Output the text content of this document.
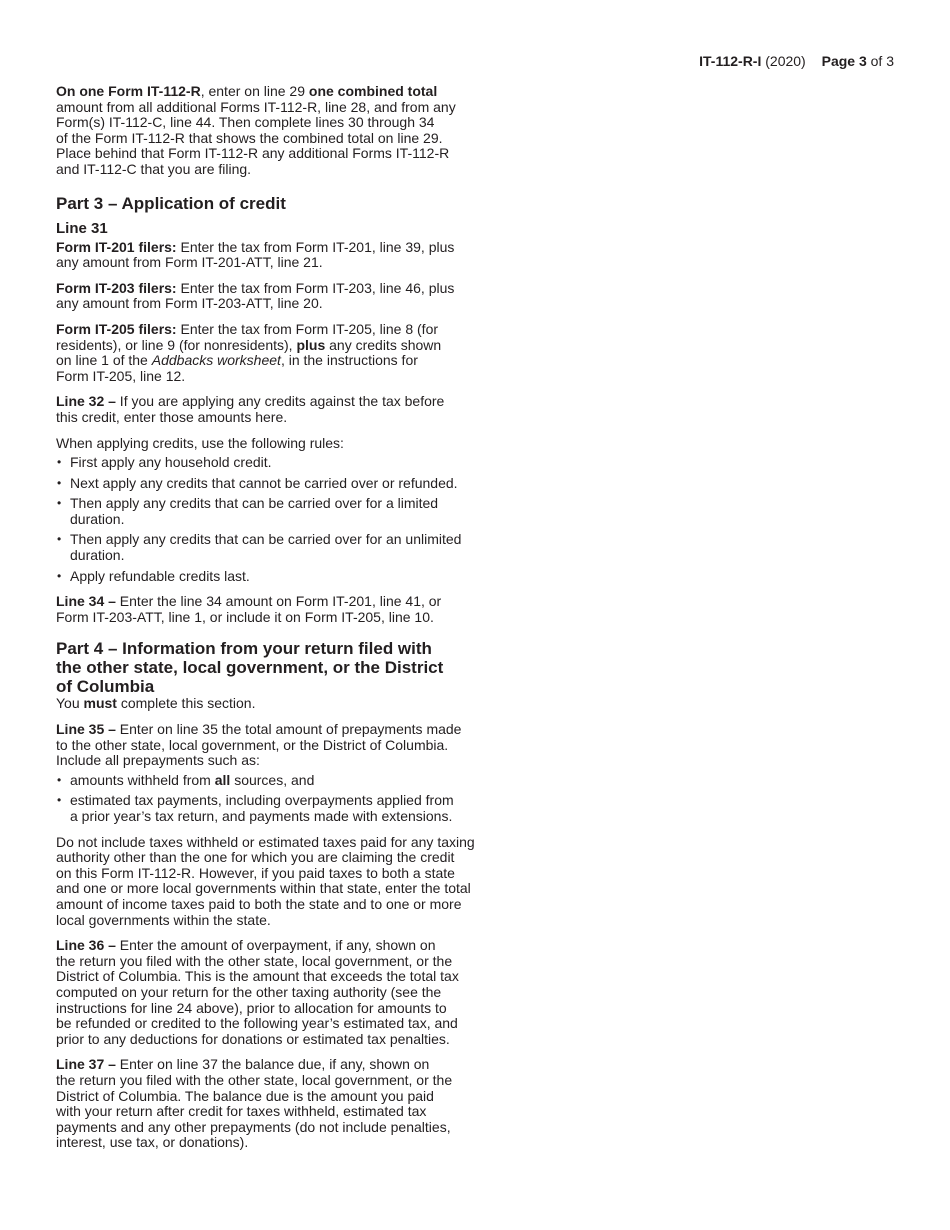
IT-112-R-I (2020) Page 3 of 3
On one Form IT-112-R, enter on line 29 one combined total
amount from all additional Forms IT-112-R, line 28, and from any
Form(s) IT-112-C, line 44. Then complete lines 30 through 34
of the Form IT-112-R that shows the combined total on line 29.
Place behind that Form IT-112-R any additional Forms IT-112-R
and IT-112-C that you are filing.
Part 3 – Application of credit
Line 31
Form IT-201 filers: Enter the tax from Form IT-201, line 39, plus
any amount from Form IT-201-ATT, line 21.
Form IT-203 filers: Enter the tax from Form IT-203, line 46, plus
any amount from Form IT-203-ATT, line 20.
Form IT-205 filers: Enter the tax from Form IT-205, line 8 (for
residents), or line 9 (for nonresidents), plus any credits shown
on line 1 of the Addbacks worksheet, in the instructions for
Form IT-205, line 12.
Line 32 – If you are applying any credits against the tax before
this credit, enter those amounts here.
When applying credits, use the following rules:
• First apply any household credit.
• Next apply any credits that cannot be carried over or refunded.
• Then apply any credits that can be carried over for a limited
duration.
• Then apply any credits that can be carried over for an unlimited
duration.
• Apply refundable credits last.
Line 34 – Enter the line 34 amount on Form IT-201, line 41, or
Form IT-203-ATT, line 1, or include it on Form IT-205, line 10.
Part 4 – Information from your return filed with
the other state, local government, or the District
of Columbia
You must complete this section.
Line 35 – Enter on line 35 the total amount of prepayments made
to the other state, local government, or the District of Columbia.
Include all prepayments such as:
• amounts withheld from all sources, and
• estimated tax payments, including overpayments applied from
a prior year’s tax return, and payments made with extensions.
Do not include taxes withheld or estimated taxes paid for any taxing
authority other than the one for which you are claiming the credit
on this Form IT-112-R. However, if you paid taxes to both a state
and one or more local governments within that state, enter the total
amount of income taxes paid to both the state and to one or more
local governments within the state.
Line 36 – Enter the amount of overpayment, if any, shown on
the return you filed with the other state, local government, or the
District of Columbia. This is the amount that exceeds the total tax
computed on your return for the other taxing authority (see the
instructions for line 24 above), prior to allocation for amounts to
be refunded or credited to the following year’s estimated tax, and
prior to any deductions for donations or estimated tax penalties.
Line 37 – Enter on line 37 the balance due, if any, shown on
the return you filed with the other state, local government, or the
District of Columbia. The balance due is the amount you paid
with your return after credit for taxes withheld, estimated tax
payments and any other prepayments (do not include penalties,
interest, use tax, or donations).
